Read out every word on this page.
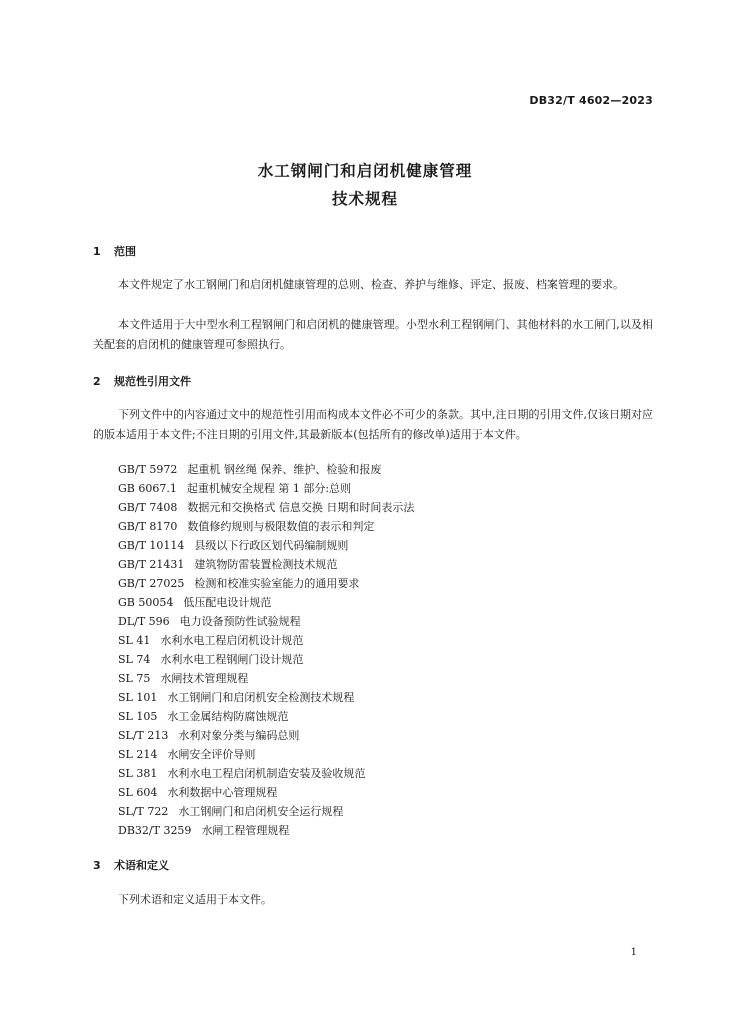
DB32/T 4602—2023
水工钢闸门和启闭机健康管理
技术规程
1 范围

本文件规定了水工钢闸门和启闭机健康管理的总则、检查、养护与维修、评定、报废、档案管理的要求。

本文件适用于大中型水利工程钢闸门和启闭机的健康管理。小型水利工程钢闸门、其他材料的水工闸门,以及相关配套的启闭机的健康管理可参照执行。

2 规范性引用文件

下列文件中的内容通过文中的规范性引用而构成本文件必不可少的条款。其中,注日期的引用文件,仅该日期对应的版本适用于本文件;不注日期的引用文件,其最新版本(包括所有的修改单)适用于本文件。

GB/T 5972 起重机 钢丝绳 保养、维护、检验和报废
GB 6067.1 起重机械安全规程 第 1 部分:总则
GB/T 7408 数据元和交换格式 信息交换 日期和时间表示法
GB/T 8170 数值修约规则与极限数值的表示和判定
GB/T 10114 县级以下行政区划代码编制规则
GB/T 21431 建筑物防雷装置检测技术规范
GB/T 27025 检测和校准实验室能力的通用要求
GB 50054 低压配电设计规范
DL/T 596 电力设备预防性试验规程
SL 41 水利水电工程启闭机设计规范
SL 74 水利水电工程钢闸门设计规范
SL 75 水闸技术管理规程
SL 101 水工钢闸门和启闭机安全检测技术规程
SL 105 水工金属结构防腐蚀规范
SL/T 213 水利对象分类与编码总则
SL 214 水闸安全评价导则
SL 381 水利水电工程启闭机制造安装及验收规范
SL 604 水利数据中心管理规程
SL/T 722 水工钢闸门和启闭机安全运行规程
DB32/T 3259 水闸工程管理规程
3 术语和定义

下列术语和定义适用于本文件。

1
